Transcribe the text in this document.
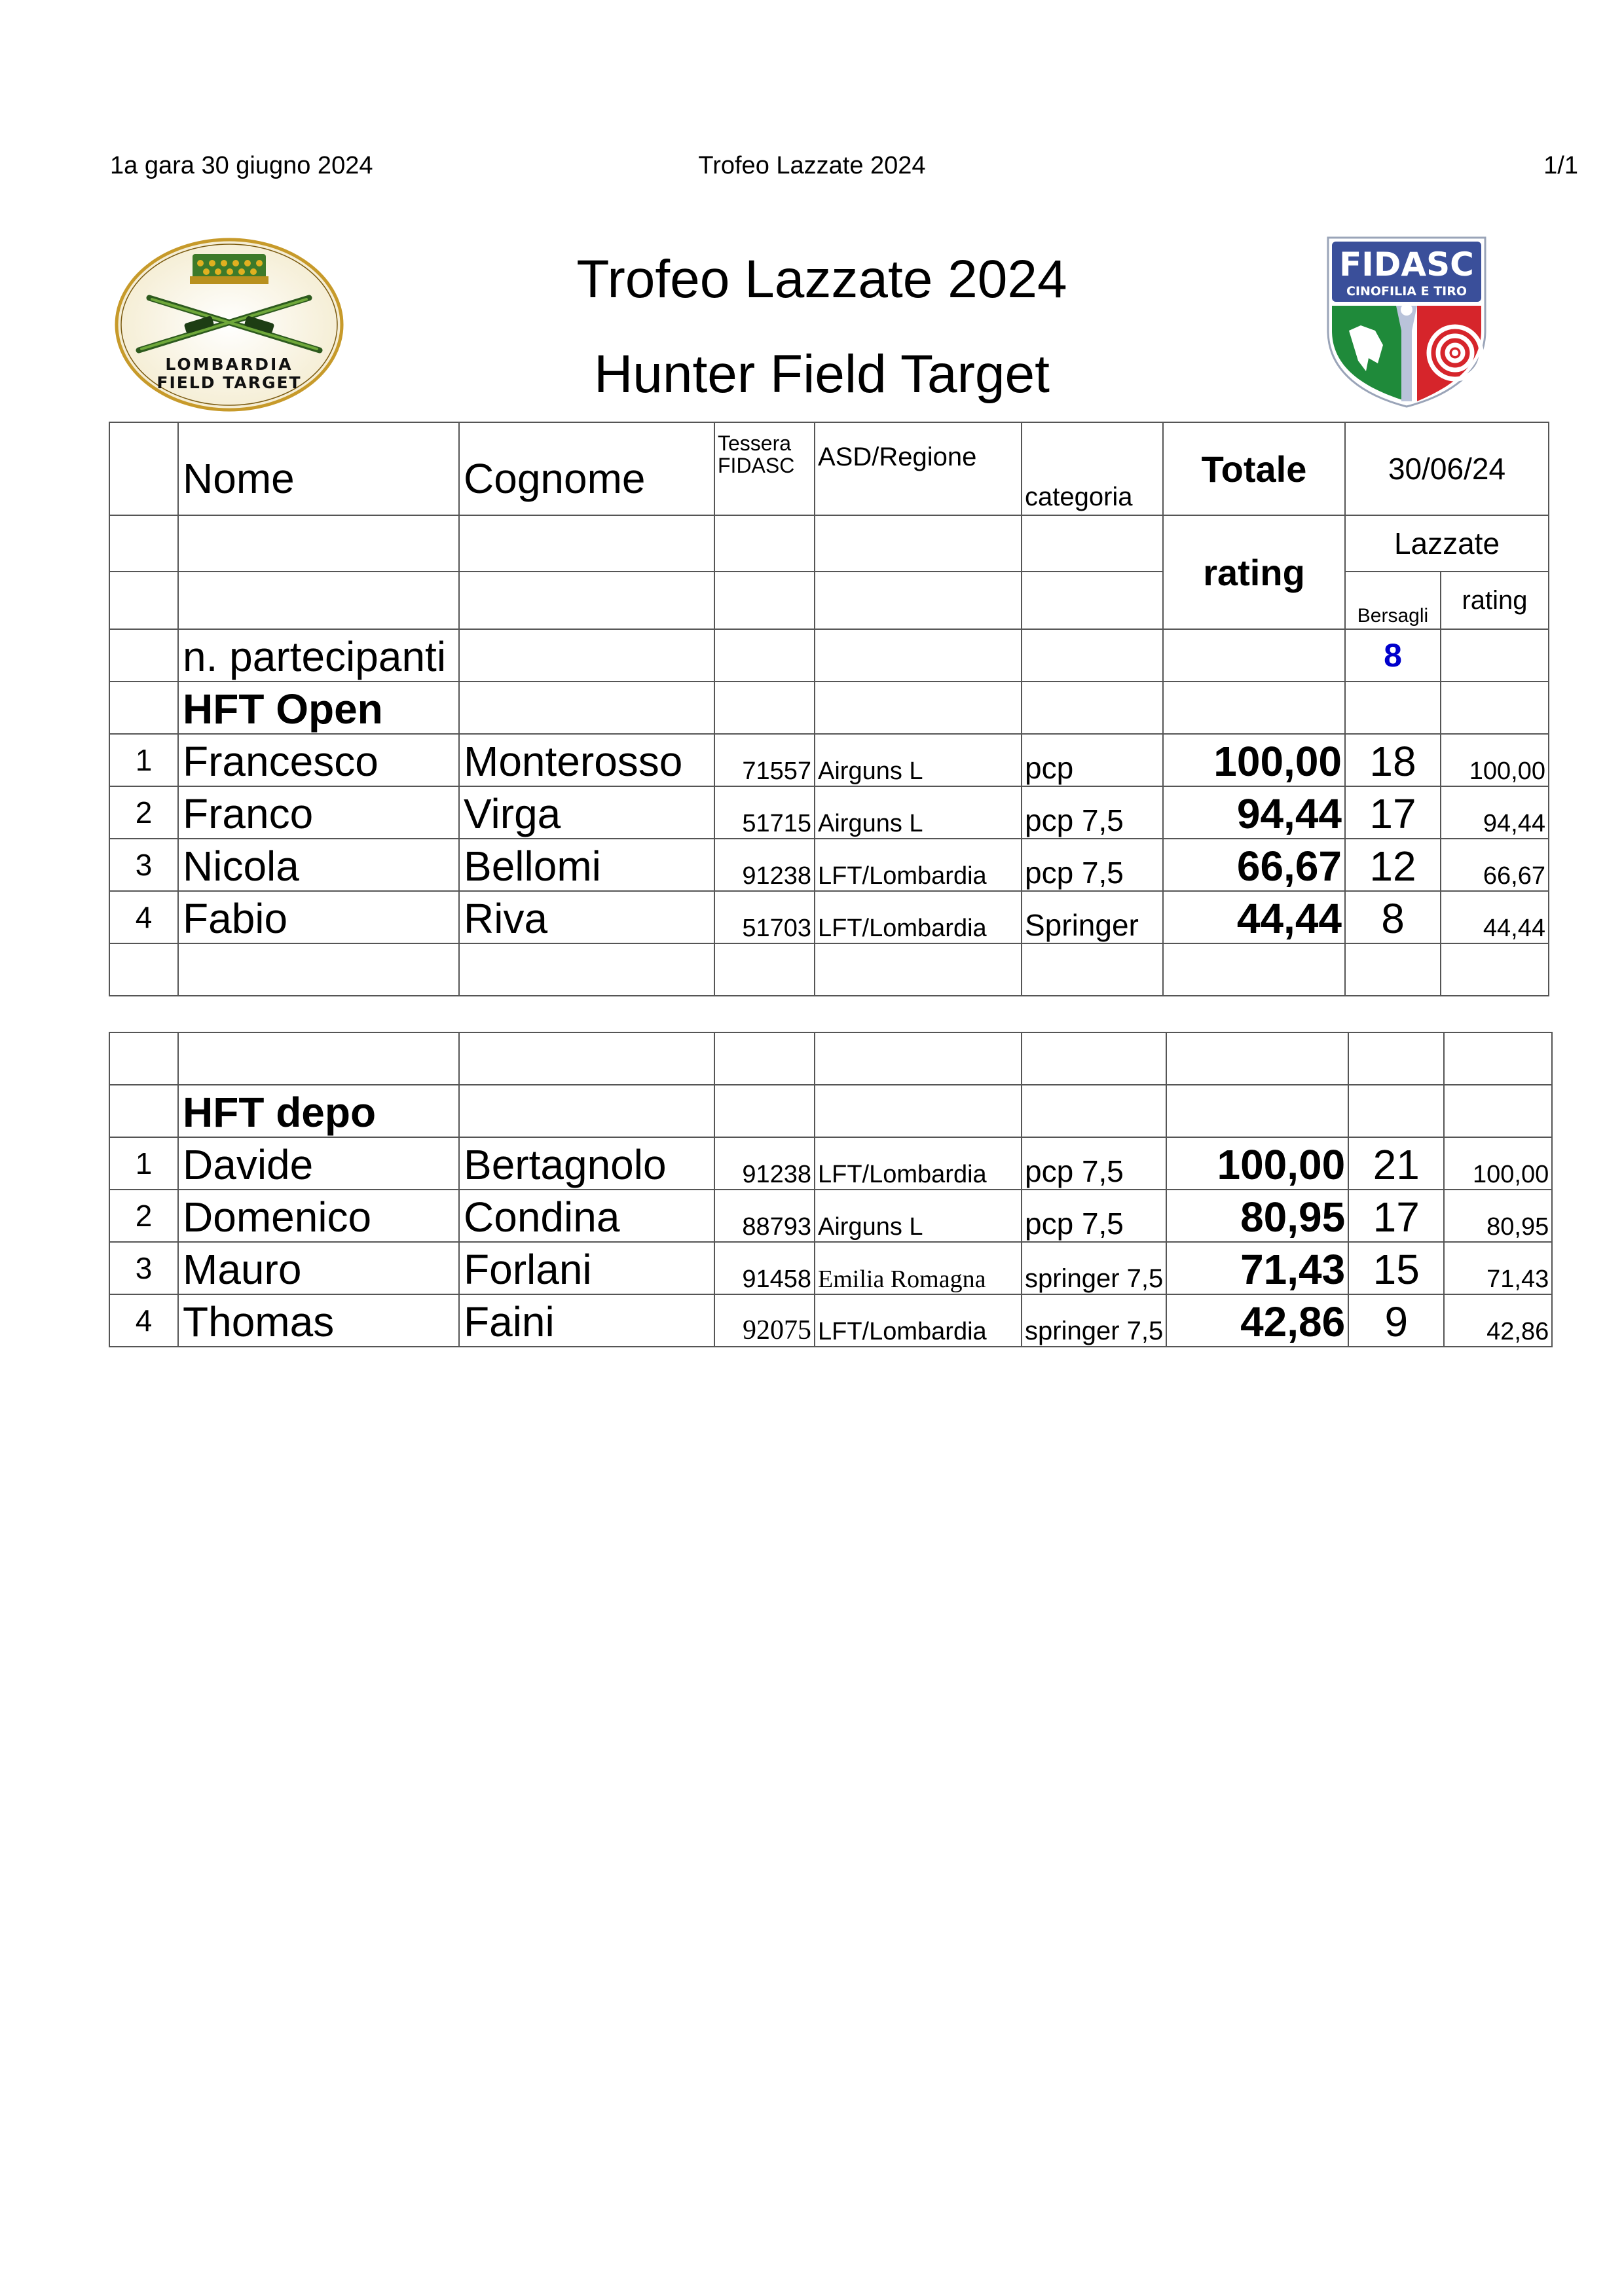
1a gara 30 giugno 2024	Trofeo Lazzate 2024	1/1
LOMBARDIA
FIELD TARGET
Trofeo Lazzate 2024
Hunter Field Target
FIDASC
CINOFILIA E TIRO
	Nome	Cognome	Tessera
FIDASC	ASD/Regione	categoria	Totale	30/06/24	
						rating	Lazzate	
							Bersagli	rating
	n. partecipanti						8	
	HFT Open							
1	Francesco	Monterosso	71557	Airguns L	pcp	100,00	18	100,00
2	Franco	Virga	51715	Airguns L	pcp 7,5	94,44	17	94,44
3	Nicola	Bellomi	91238	LFT/Lombardia	pcp 7,5	66,67	12	66,67
4	Fabio	Riva	51703	LFT/Lombardia	Springer	44,44	8	44,44

	HFT depo							
1	Davide	Bertagnolo	91238	LFT/Lombardia	pcp 7,5	100,00	21	100,00
2	Domenico	Condina	88793	Airguns L	pcp 7,5	80,95	17	80,95
3	Mauro	Forlani	91458	Emilia Romagna	springer 7,5	71,43	15	71,43
4	Thomas	Faini	92075	LFT/Lombardia	springer 7,5	42,86	9	42,86
